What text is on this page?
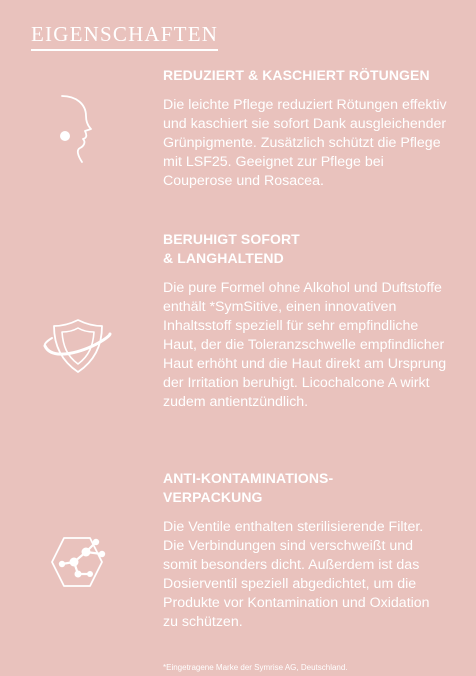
EIGENSCHAFTEN
REDUZIERT & KASCHIERT RÖTUNGEN

Die leichte Pflege reduziert Rötungen effektiv und kaschiert sie sofort Dank ausgleichender Grünpigmente. Zusätzlich schützt die Pflege mit LSF25. Geeignet zur Pflege bei Couperose und Rosacea.

BERUHIGT SOFORT
& LANGHALTEND

Die pure Formel ohne Alkohol und Duftstoffe enthält *SymSitive, einen innovativen Inhaltsstoff speziell für sehr empfindliche Haut, der die Toleranzschwelle empfindlicher Haut erhöht und die Haut direkt am Ursprung der Irritation beruhigt. Licochalcone A wirkt zudem antientzündlich.

ANTI-KONTAMINATIONS-
VERPACKUNG

Die Ventile enthalten sterilisierende Filter. Die Verbindungen sind verschweißt und somit besonders dicht. Außerdem ist das Dosierventil speziell abgedichtet, um die Produkte vor Kontamination und Oxidation zu schützen.

*Eingetragene Marke der Symrise AG, Deutschland.
